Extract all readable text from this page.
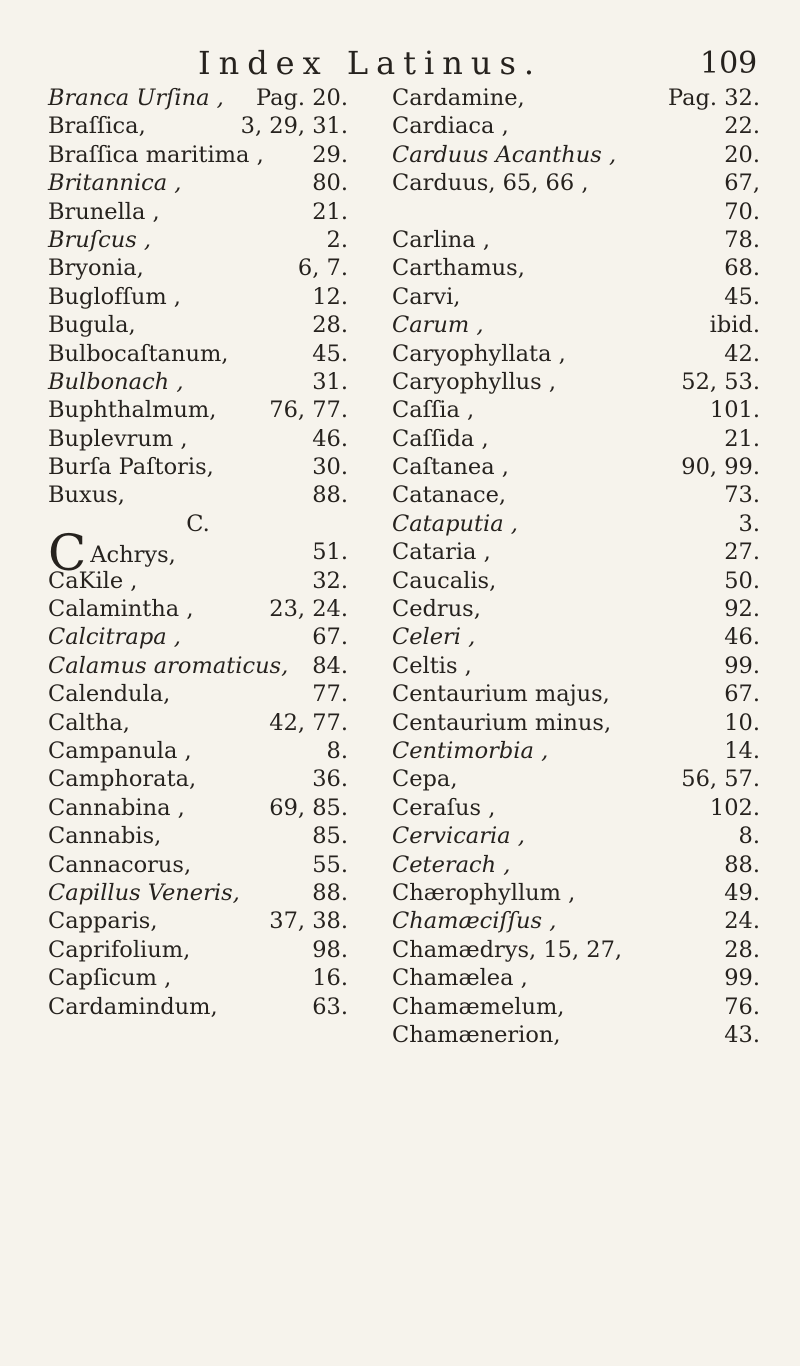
Index Latinus.	109
Branca Urſina , Pag. 20.
Braſſica,	3, 29, 31.
Braſſica maritima , 29.
Britannica ,	80.
Brunella ,	21.
Bruſcus ,	2.
Bryonia,	6, 7.
Buglofſum ,	12.
Bugula,	28.
Bulbocaſtanum,	45.
Bulbonach ,	31.
Buphthalmum, 76, 77.
Buplevrum ,	46.
Burſa Paſtoris,	30.
Buxus,	88.
C.
C Achrys,	51.
CaKile ,	32.
Calamintha ,	23, 24.
Calcitrapa ,	67.
Calamus aromaticus, 84.
Calendula,	77.
Caltha,	42, 77.
Campanula ,	8.
Camphorata,	36.
Cannabina ,	69, 85.
Cannabis,	85.
Cannacorus,	55.
Capillus Veneris,	88.
Capparis,	37, 38.
Caprifolium,	98.
Capſicum ,	16.
Cardamindum,	63.
Cardamine,	Pag. 32.
Cardiaca ,	22.
Carduus Acanthus ,	20.
Carduus, 65, 66 ,	67,
70.
Carlina ,	78.
Carthamus,	68.
Carvi,	45.
Carum ,	ibid.
Caryophyllata ,	42.
Caryophyllus ,	52, 53.
Caſſia ,	101.
Caſſida ,	21.
Caſtanea ,	90, 99.
Catanace,	73.
Cataputia ,	3.
Cataria ,	27.
Caucalis,	50.
Cedrus,	92.
Celeri ,	46.
Celtis ,	99.
Centaurium majus,	67.
Centaurium minus,	10.
Centimorbia ,	14.
Cepa,	56, 57.
Ceraſus ,	102.
Cervicaria ,	8.
Ceterach ,	88.
Chærophyllum ,	49.
Chamæciſſus ,	24.
Chamædrys, 15, 27,	28.
Chamælea ,	99.
Chamæmelum,	76.
Chamænerion,	43.
